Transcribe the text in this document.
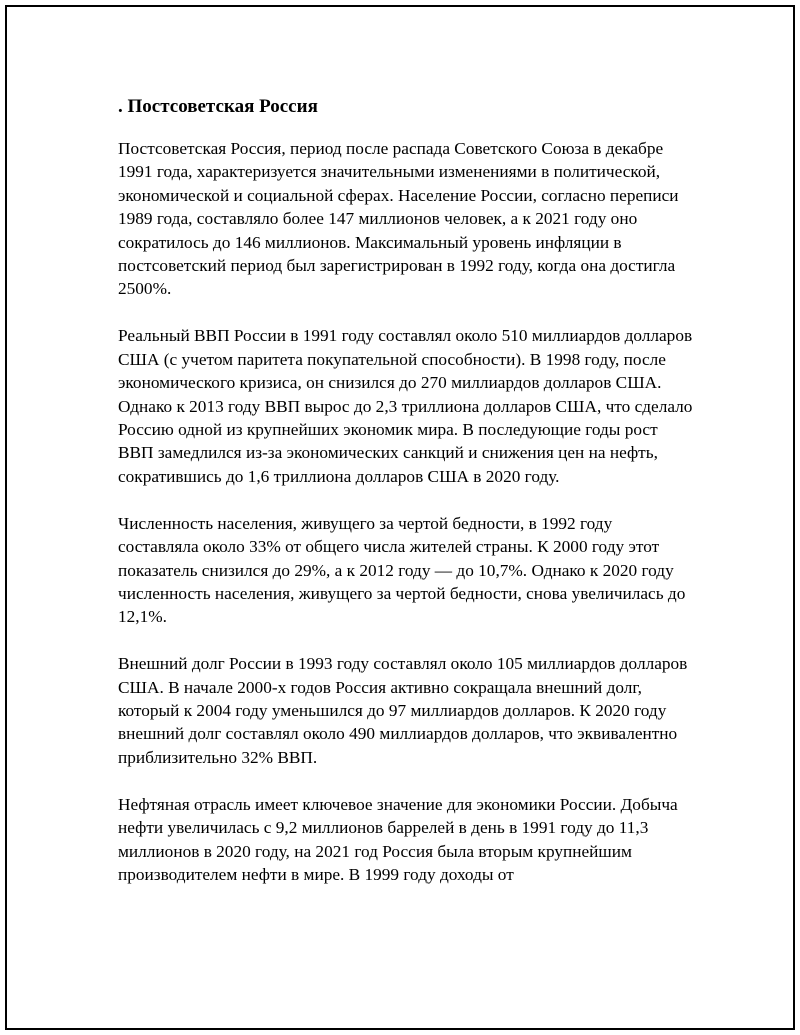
. Постсоветская Россия

Постсоветская Россия, период после распада Советского Союза в декабре 1991 года, характеризуется значительными изменениями в политической, экономической и социальной сферах. Население России, согласно переписи 1989 года, составляло более 147 миллионов человек, а к 2021 году оно сократилось до 146 миллионов. Максимальный уровень инфляции в постсоветский период был зарегистрирован в 1992 году, когда она достигла 2500%.

Реальный ВВП России в 1991 году составлял около 510 миллиардов долларов США (с учетом паритета покупательной способности). В 1998 году, после экономического кризиса, он снизился до 270 миллиардов долларов США. Однако к 2013 году ВВП вырос до 2,3 триллиона долларов США, что сделало Россию одной из крупнейших экономик мира. В последующие годы рост ВВП замедлился из-за экономических санкций и снижения цен на нефть, сократившись до 1,6 триллиона долларов США в 2020 году.

Численность населения, живущего за чертой бедности, в 1992 году составляла около 33% от общего числа жителей страны. К 2000 году этот показатель снизился до 29%, а к 2012 году — до 10,7%. Однако к 2020 году численность населения, живущего за чертой бедности, снова увеличилась до 12,1%.

Внешний долг России в 1993 году составлял около 105 миллиардов долларов США. В начале 2000-х годов Россия активно сокращала внешний долг, который к 2004 году уменьшился до 97 миллиардов долларов. К 2020 году внешний долг составлял около 490 миллиардов долларов, что эквивалентно приблизительно 32% ВВП.

Нефтяная отрасль имеет ключевое значение для экономики России. Добыча нефти увеличилась с 9,2 миллионов баррелей в день в 1991 году до 11,3 миллионов в 2020 году, на 2021 год Россия была вторым крупнейшим производителем нефти в мире. В 1999 году доходы от
